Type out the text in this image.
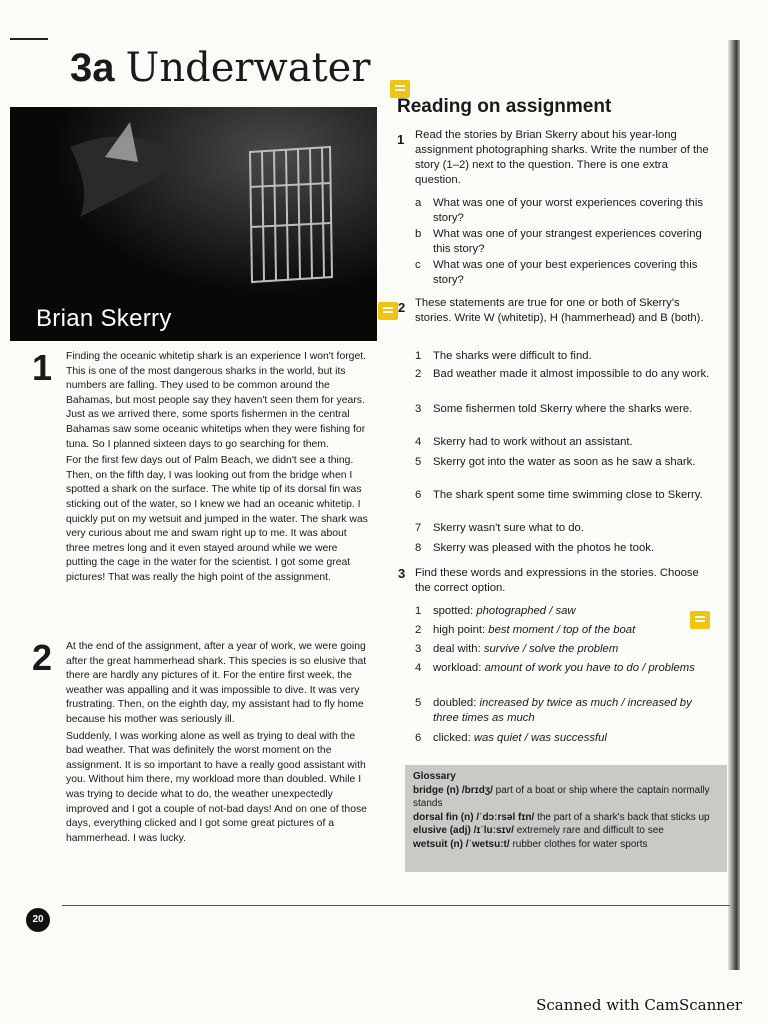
3a Underwater
Brian Skerry
1 Finding the oceanic whitetip shark is an experience I won't forget. This is one of the most dangerous sharks in the world, but its numbers are falling. They used to be common around the Bahamas, but most people say they haven't seen them for years. Just as we arrived there, some sports fishermen in the central Bahamas saw some oceanic whitetips when they were fishing for tuna. So I planned sixteen days to go searching for them.

For the first few days out of Palm Beach, we didn't see a thing. Then, on the fifth day, I was looking out from the bridge when I spotted a shark on the surface. The white tip of its dorsal fin was sticking out of the water, so I knew we had an oceanic whitetip. I quickly put on my wetsuit and jumped in the water. The shark was very curious about me and swam right up to me. It was about three metres long and it even stayed around while we were putting the cage in the water for the scientist. I got some great pictures! That was really the high point of the assignment.

2 At the end of the assignment, after a year of work, we were going after the great hammerhead shark. This species is so elusive that there are hardly any pictures of it. For the entire first week, the weather was appalling and it was impossible to dive. It was very frustrating. Then, on the eighth day, my assistant had to fly home because his mother was seriously ill.

Suddenly, I was working alone as well as trying to deal with the bad weather. That was definitely the worst moment on the assignment. It is so important to have a really good assistant with you. Without him there, my workload more than doubled. While I was trying to decide what to do, the weather unexpectedly improved and I got a couple of not-bad days! And on one of those days, everything clicked and I got some great pictures of a hammerhead. I was lucky.

Reading on assignment
1 Read the stories by Brian Skerry about his year-long assignment photographing sharks. Write the number of the story (1–2) next to the question. There is one extra question.
a What was one of your worst experiences covering this story?
b What was one of your strangest experiences covering this story?
c What was one of your best experiences covering this story?
2 These statements are true for one or both of Skerry's stories. Write W (whitetip), H (hammerhead) and B (both).
1 The sharks were difficult to find.
2 Bad weather made it almost impossible to do any work.
3 Some fishermen told Skerry where the sharks were.
4 Skerry had to work without an assistant.
5 Skerry got into the water as soon as he saw a shark.
6 The shark spent some time swimming close to Skerry.
7 Skerry wasn't sure what to do.
8 Skerry was pleased with the photos he took.
3 Find these words and expressions in the stories. Choose the correct option.
1 spotted: photographed / saw
2 high point: best moment / top of the boat
3 deal with: survive / solve the problem
4 workload: amount of work you have to do / problems
5 doubled: increased by twice as much / increased by three times as much
6 clicked: was quiet / was successful
Glossary
bridge (n) /brɪdʒ/ part of a boat or ship where the captain normally stands
dorsal fin (n) /ˈdɔːrsəl fɪn/ the part of a shark's back that sticks up
elusive (adj) /ɪˈluːsɪv/ extremely rare and difficult to see
wetsuit (n) /ˈwetsuːt/ rubber clothes for water sports
20
Scanned with CamScanner
